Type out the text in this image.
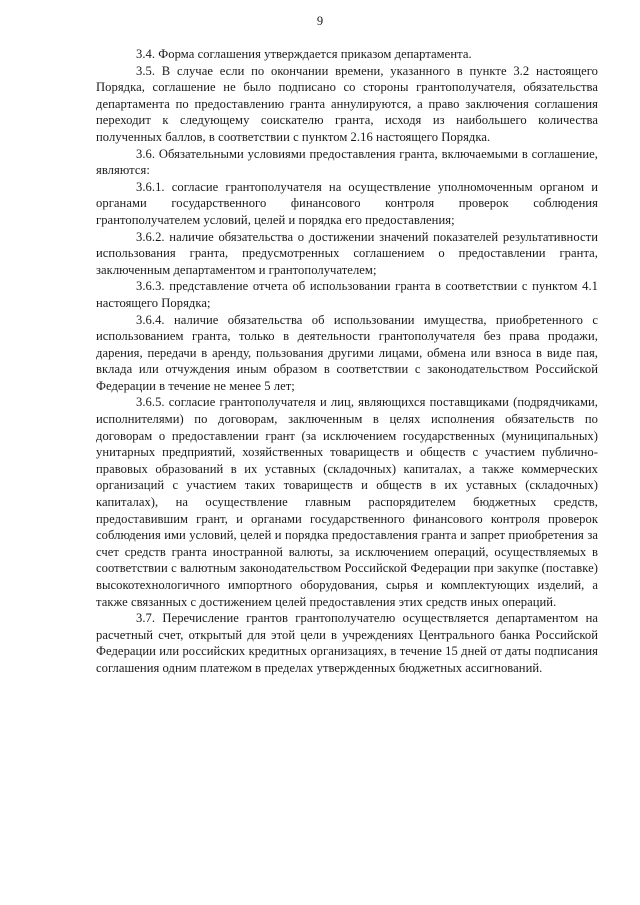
9

3.4. Форма соглашения утверждается приказом департамента.

3.5. В случае если по окончании времени, указанного в пункте 3.2 настоящего Порядка, соглашение не было подписано со стороны грантополучателя, обязательства департамента по предоставлению гранта аннулируются, а право заключения соглашения переходит к следующему соискателю гранта, исходя из наибольшего количества полученных баллов, в соответствии с пунктом 2.16 настоящего Порядка.

3.6. Обязательными условиями предоставления гранта, включаемыми в соглашение, являются:

3.6.1. согласие грантополучателя на осуществление уполномоченным органом и органами государственного финансового контроля проверок соблюдения грантополучателем условий, целей и порядка его предоставления;

3.6.2. наличие обязательства о достижении значений показателей результативности использования гранта, предусмотренных соглашением о предоставлении гранта, заключенным департаментом и грантополучателем;

3.6.3. представление отчета об использовании гранта в соответствии с пунктом 4.1 настоящего Порядка;

3.6.4. наличие обязательства об использовании имущества, приобретенного с использованием гранта, только в деятельности грантополучателя без права продажи, дарения, передачи в аренду, пользования другими лицами, обмена или взноса в виде пая, вклада или отчуждения иным образом в соответствии с законодательством Российской Федерации в течение не менее 5 лет;

3.6.5. согласие грантополучателя и лиц, являющихся поставщиками (подрядчиками, исполнителями) по договорам, заключенным в целях исполнения обязательств по договорам о предоставлении грант (за исключением государственных (муниципальных) унитарных предприятий, хозяйственных товариществ и обществ с участием публично-правовых образований в их уставных (складочных) капиталах, а также коммерческих организаций с участием таких товариществ и обществ в их уставных (складочных) капиталах), на осуществление главным распорядителем бюджетных средств, предоставившим грант, и органами государственного финансового контроля проверок соблюдения ими условий, целей и порядка предоставления гранта и запрет приобретения за счет средств гранта иностранной валюты, за исключением операций, осуществляемых в соответствии с валютным законодательством Российской Федерации при закупке (поставке) высокотехнологичного импортного оборудования, сырья и комплектующих изделий, а также связанных с достижением целей предоставления этих средств иных операций.

3.7. Перечисление грантов грантополучателю осуществляется департаментом на расчетный счет, открытый для этой цели в учреждениях Центрального банка Российской Федерации или российских кредитных организациях, в течение 15 дней от даты подписания соглашения одним платежом в пределах утвержденных бюджетных ассигнований.
